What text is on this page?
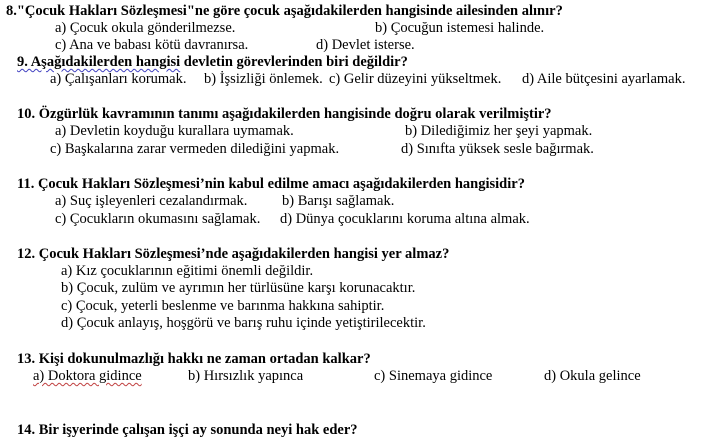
8."Çocuk Hakları Sözleşmesi"ne göre çocuk aşağıdakilerden hangisinde ailesinden alınır?
a) Çocuk okula gönderilmezse.	b) Çocuğun istemesi halinde.
c) Ana ve babası kötü davranırsa.	d) Devlet isterse.
9. Aşağıdakilerden hangisi devletin görevlerinden biri değildir?
a) Çalışanları korumak. b) İşsizliği önlemek. c) Gelir düzeyini yükseltmek. d) Aile bütçesini ayarlamak.
10. Özgürlük kavramının tanımı aşağıdakilerden hangisinde doğru olarak verilmiştir?
a) Devletin koyduğu kurallara uymamak.	b) Dilediğimiz her şeyi yapmak.
c) Başkalarına zarar vermeden dilediğini yapmak.	d) Sınıfta yüksek sesle bağırmak.
11. Çocuk Hakları Sözleşmesi’nin kabul edilme amacı aşağıdakilerden hangisidir?
a) Suç işleyenleri cezalandırmak. b) Barışı sağlamak.
c) Çocukların okumasını sağlamak. d) Dünya çocuklarını koruma altına almak.
12. Çocuk Hakları Sözleşmesi’nde aşağıdakilerden hangisi yer almaz?
a) Kız çocuklarının eğitimi önemli değildir.
b) Çocuk, zulüm ve ayrımın her türlüsüne karşı korunacaktır.
c) Çocuk, yeterli beslenme ve barınma hakkına sahiptir.
d) Çocuk anlayış, hoşgörü ve barış ruhu içinde yetiştirilecektir.
13. Kişi dokunulmazlığı hakkı ne zaman ortadan kalkar?
a) Doktora gidince	b) Hırsızlık yapınca	c) Sinemaya gidince	d) Okula gelince
14. Bir işyerinde çalışan işçi ay sonunda neyi hak eder?
